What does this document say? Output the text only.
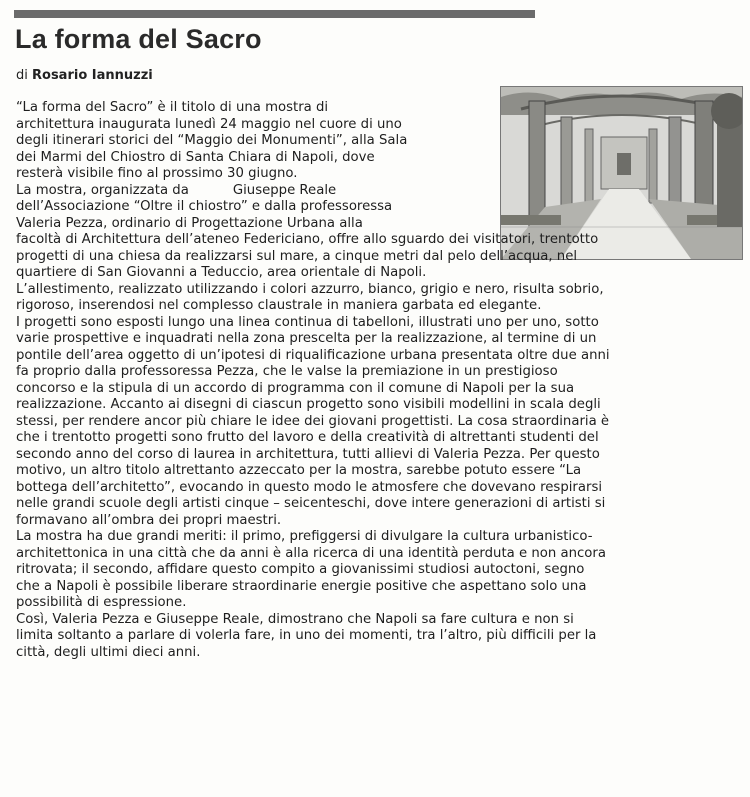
La forma del Sacro
di Rosario Iannuzzi
“La forma del Sacro” è il titolo di una mostra di
architettura inaugurata lunedì 24 maggio nel cuore di uno
degli itinerari storici del “Maggio dei Monumenti”, alla Sala
dei Marmi del Chiostro di Santa Chiara di Napoli, dove
resterà visibile fino al prossimo 30 giugno.
La mostra, organizzata da	Giuseppe Reale
dell’Associazione “Oltre il chiostro” e dalla professoressa
Valeria Pezza, ordinario di Progettazione Urbana alla
facoltà di Architettura dell’ateneo Federiciano, offre allo sguardo dei visitatori, trentotto
progetti di una chiesa da realizzarsi sul mare, a cinque metri dal pelo dell’acqua, nel
quartiere di San Giovanni a Teduccio, area orientale di Napoli.
L’allestimento, realizzato utilizzando i colori azzurro, bianco, grigio e nero, risulta sobrio,
rigoroso, inserendosi nel complesso claustrale in maniera garbata ed elegante.
I progetti sono esposti lungo una linea continua di tabelloni, illustrati uno per uno, sotto
varie prospettive e inquadrati nella zona prescelta per la realizzazione, al termine di un
pontile dell’area oggetto di un’ipotesi di riqualificazione urbana presentata oltre due anni
fa proprio dalla professoressa Pezza, che le valse la premiazione in un prestigioso
concorso e la stipula di un accordo di programma con il comune di Napoli per la sua
realizzazione. Accanto ai disegni di ciascun progetto sono visibili modellini in scala degli
stessi, per rendere ancor più chiare le idee dei giovani progettisti. La cosa straordinaria è
che i trentotto progetti sono frutto del lavoro e della creatività di altrettanti studenti del
secondo anno del corso di laurea in architettura, tutti allievi di Valeria Pezza. Per questo
motivo, un altro titolo altrettanto azzeccato per la mostra, sarebbe potuto essere “La
bottega dell’architetto”, evocando in questo modo le atmosfere che dovevano respirarsi
nelle grandi scuole degli artisti cinque – seicenteschi, dove intere generazioni di artisti si
formavano all’ombra dei propri maestri.
La mostra ha due grandi meriti: il primo, prefiggersi di divulgare la cultura urbanistico-
architettonica in una città che da anni è alla ricerca di una identità perduta e non ancora
ritrovata; il secondo, affidare questo compito a giovanissimi studiosi autoctoni, segno
che a Napoli è possibile liberare straordinarie energie positive che aspettano solo una
possibilità di espressione.
Così, Valeria Pezza e Giuseppe Reale, dimostrano che Napoli sa fare cultura e non si
limita soltanto a parlare di volerla fare, in uno dei momenti, tra l’altro, più difficili per la
città, degli ultimi dieci anni.
